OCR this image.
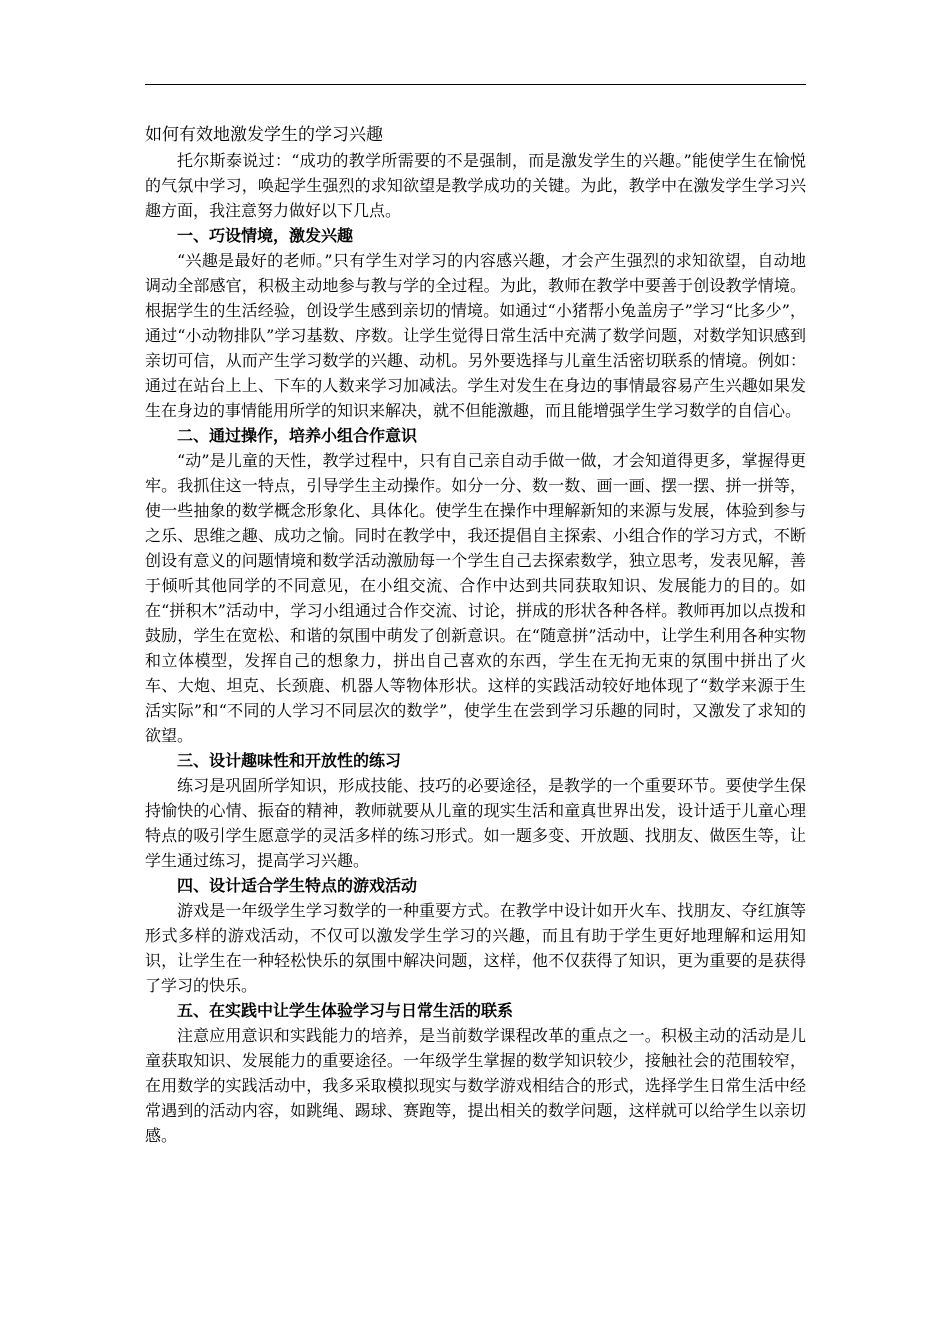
如何有效地激发学生的学习兴趣

托尔斯泰说过：“成功的教学所需要的不是强制，而是激发学生的兴趣。”能使学生在愉悦的气氛中学习，唤起学生强烈的求知欲望是教学成功的关键。为此，教学中在激发学生学习兴趣方面，我注意努力做好以下几点。

一、巧设情境，激发兴趣

“兴趣是最好的老师。”只有学生对学习的内容感兴趣，才会产生强烈的求知欲望，自动地调动全部感官，积极主动地参与教与学的全过程。为此，教师在教学中要善于创设教学情境。根据学生的生活经验，创设学生感到亲切的情境。如通过“小猪帮小兔盖房子”学习“比多少”，通过“小动物排队”学习基数、序数。让学生觉得日常生活中充满了数学问题，对数学知识感到亲切可信，从而产生学习数学的兴趣、动机。另外要选择与儿童生活密切联系的情境。例如：通过在站台上上、下车的人数来学习加减法。学生对发生在身边的事情最容易产生兴趣如果发生在身边的事情能用所学的知识来解决，就不但能激趣，而且能增强学生学习数学的自信心。

二、通过操作，培养小组合作意识

“动”是儿童的天性，教学过程中，只有自己亲自动手做一做，才会知道得更多，掌握得更牢。我抓住这一特点，引导学生主动操作。如分一分、数一数、画一画、摆一摆、拼一拼等，使一些抽象的数学概念形象化、具体化。使学生在操作中理解新知的来源与发展，体验到参与之乐、思维之趣、成功之愉。同时在教学中，我还提倡自主探索、小组合作的学习方式，不断创设有意义的问题情境和数学活动激励每一个学生自己去探索数学，独立思考，发表见解，善于倾听其他同学的不同意见，在小组交流、合作中达到共同获取知识、发展能力的目的。如在“拼积木”活动中，学习小组通过合作交流、讨论，拼成的形状各种各样。教师再加以点拨和鼓励，学生在宽松、和谐的氛围中萌发了创新意识。在“随意拼”活动中，让学生利用各种实物和立体模型，发挥自己的想象力，拼出自己喜欢的东西，学生在无拘无束的氛围中拼出了火车、大炮、坦克、长颈鹿、机器人等物体形状。这样的实践活动较好地体现了“数学来源于生活实际”和“不同的人学习不同层次的数学”，使学生在尝到学习乐趣的同时，又激发了求知的欲望。

三、设计趣味性和开放性的练习

练习是巩固所学知识，形成技能、技巧的必要途径，是教学的一个重要环节。要使学生保持愉快的心情、振奋的精神，教师就要从儿童的现实生活和童真世界出发，设计适于儿童心理特点的吸引学生愿意学的灵活多样的练习形式。如一题多变、开放题、找朋友、做医生等，让学生通过练习，提高学习兴趣。

四、设计适合学生特点的游戏活动

游戏是一年级学生学习数学的一种重要方式。在教学中设计如开火车、找朋友、夺红旗等形式多样的游戏活动，不仅可以激发学生学习的兴趣，而且有助于学生更好地理解和运用知识，让学生在一种轻松快乐的氛围中解决问题，这样，他不仅获得了知识，更为重要的是获得了学习的快乐。

五、在实践中让学生体验学习与日常生活的联系

注意应用意识和实践能力的培养，是当前数学课程改革的重点之一。积极主动的活动是儿童获取知识、发展能力的重要途径。一年级学生掌握的数学知识较少，接触社会的范围较窄，在用数学的实践活动中，我多采取模拟现实与数学游戏相结合的形式，选择学生日常生活中经常遇到的活动内容，如跳绳、踢球、赛跑等，提出相关的数学问题，这样就可以给学生以亲切感。
